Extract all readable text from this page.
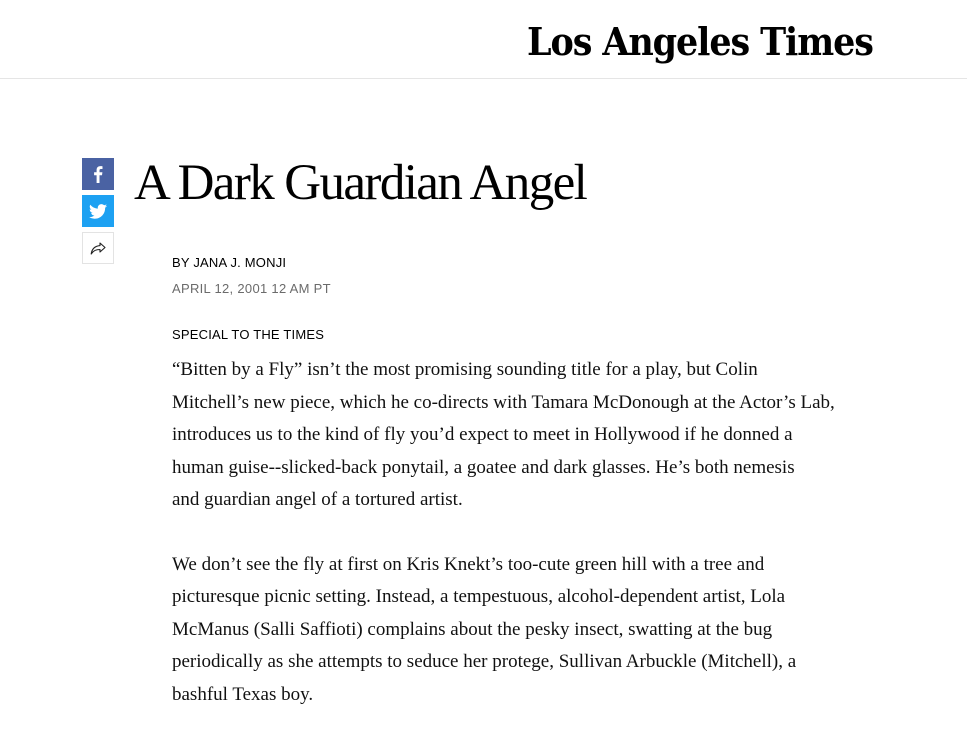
Los Angeles Times
A Dark Guardian Angel
BY JANA J. MONJI
APRIL 12, 2001 12 AM PT
SPECIAL TO THE TIMES

“Bitten by a Fly” isn’t the most promising sounding title for a play, but Colin
Mitchell’s new piece, which he co-directs with Tamara McDonough at the Actor’s Lab,
introduces us to the kind of fly you’d expect to meet in Hollywood if he donned a
human guise--slicked-back ponytail, a goatee and dark glasses. He’s both nemesis
and guardian angel of a tortured artist.

We don’t see the fly at first on Kris Knekt’s too-cute green hill with a tree and
picturesque picnic setting. Instead, a tempestuous, alcohol-dependent artist, Lola
McManus (Salli Saffioti) complains about the pesky insect, swatting at the bug
periodically as she attempts to seduce her protege, Sullivan Arbuckle (Mitchell), a
bashful Texas boy.
